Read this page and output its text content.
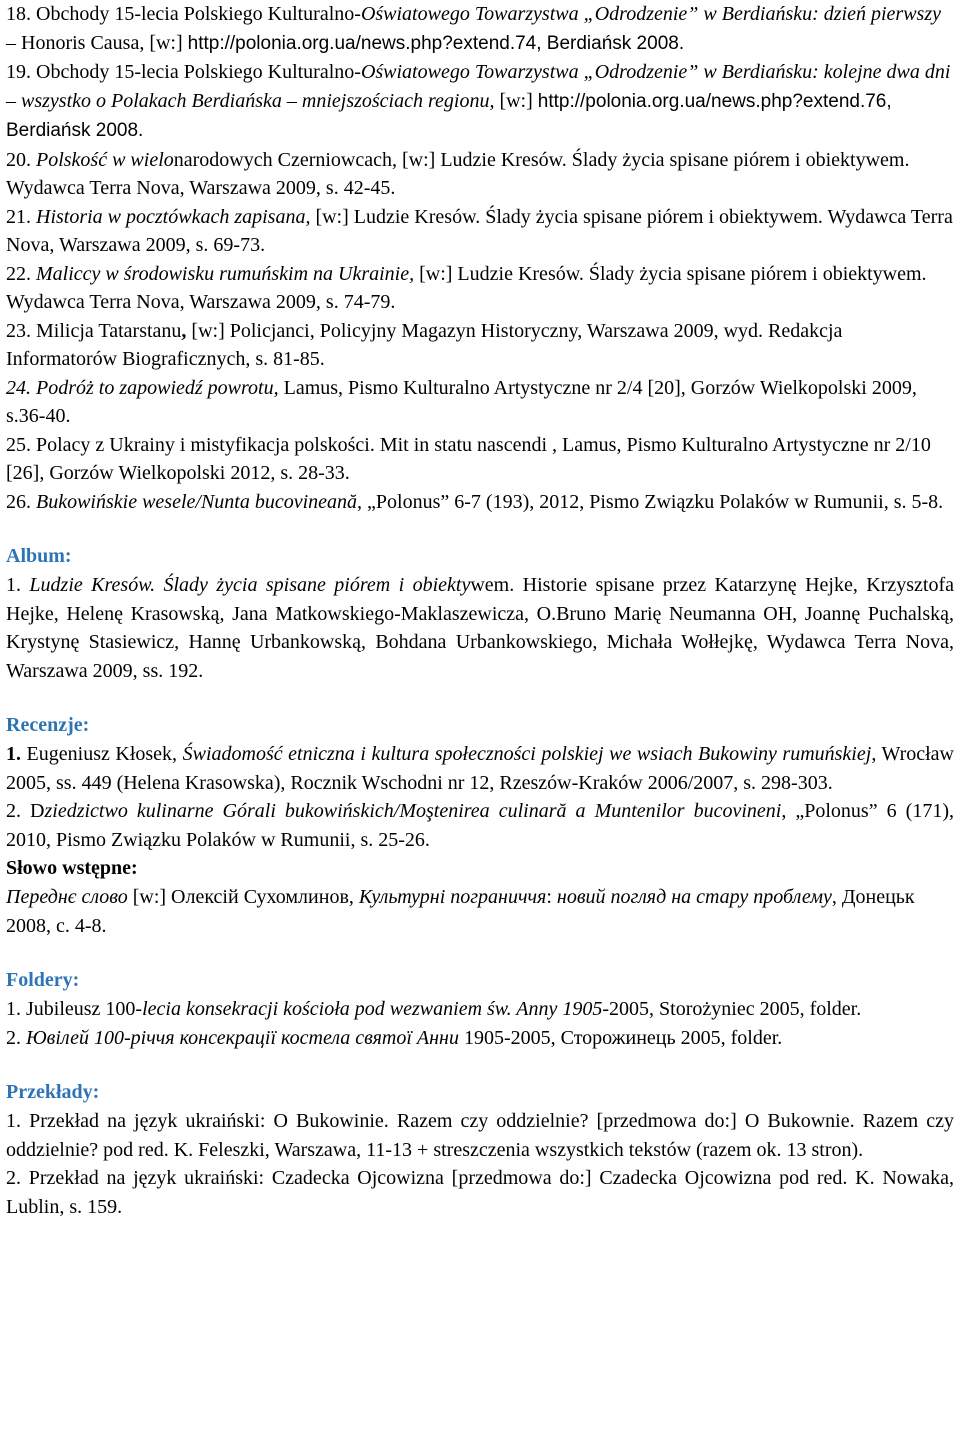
18. Obchody 15-lecia Polskiego Kulturalno-Oświatowego Towarzystwa „Odrodzenie” w Berdiańsku: dzień pierwszy – Honoris Causa, [w:] http://polonia.org.ua/news.php?extend.74, Berdiańsk 2008.

19. Obchody 15-lecia Polskiego Kulturalno-Oświatowego Towarzystwa „Odrodzenie” w Berdiańsku: kolejne dwa dni – wszystko o Polakach Berdiańska – mniejszościach regionu, [w:] http://polonia.org.ua/news.php?extend.76, Berdiańsk 2008.

20. Polskość w wielonarodowych Czerniowcach, [w:] Ludzie Kresów. Ślady życia spisane piórem i obiektywem. Wydawca Terra Nova, Warszawa 2009, s. 42-45.

21. Historia w pocztówkach zapisana, [w:] Ludzie Kresów. Ślady życia spisane piórem i obiektywem. Wydawca Terra Nova, Warszawa 2009, s. 69-73.

22. Maliccy w środowisku rumuńskim na Ukrainie, [w:] Ludzie Kresów. Ślady życia spisane piórem i obiektywem. Wydawca Terra Nova, Warszawa 2009, s. 74-79.

23. Milicja Tatarstanu, [w:] Policjanci, Policyjny Magazyn Historyczny, Warszawa 2009, wyd. Redakcja Informatorów Biograficznych, s. 81-85.

24. Podróż to zapowiedź powrotu, Lamus, Pismo Kulturalno Artystyczne nr 2/4 [20], Gorzów Wielkopolski 2009, s.36-40.

25. Polacy z Ukrainy i mistyfikacja polskości. Mit in statu nascendi , Lamus, Pismo Kulturalno Artystyczne nr 2/10 [26], Gorzów Wielkopolski 2012, s. 28-33.

26. Bukowińskie wesele/Nunta bucovineană, „Polonus” 6-7 (193), 2012, Pismo Związku Polaków w Rumunii, s. 5-8.

Album:

1. Ludzie Kresów. Ślady życia spisane piórem i obiektywem. Historie spisane przez Katarzynę Hejke, Krzysztofa Hejke, Helenę Krasowską, Jana Matkowskiego-Maklaszewicza, O.Bruno Marię Neumanna OH, Joannę Puchalską, Krystynę Stasiewicz, Hannę Urbankowską, Bohdana Urbankowskiego, Michała Wołłejkę, Wydawca Terra Nova, Warszawa 2009, ss. 192.

Recenzje:

1. Eugeniusz Kłosek, Świadomość etniczna i kultura społeczności polskiej we wsiach Bukowiny rumuńskiej, Wrocław 2005, ss. 449 (Helena Krasowska), Rocznik Wschodni nr 12, Rzeszów-Kraków 2006/2007, s. 298-303.

2. Dziedzictwo kulinarne Górali bukowińskich/Moştenirea culinară a Muntenilor bucovineni, „Polonus” 6 (171), 2010, Pismo Związku Polaków w Rumunii, s. 25-26.

Słowo wstępne:

Переднє слово [w:] Олексій Сухомлинов, Культурні пограниччя: новий погляд на стару проблему, Донецьк 2008, с. 4-8.

Foldery:

1. Jubileusz 100-lecia konsekracji kościoła pod wezwaniem św. Anny 1905-2005, Storożyniec 2005, folder.

2. Ювілей 100-річчя консекрації костела святої Анни 1905-2005, Сторожинець 2005, folder.

Przekłady:

1. Przekład na język ukraiński: O Bukowinie. Razem czy oddzielnie? [przedmowa do:] O Bukownie. Razem czy oddzielnie? pod red. K. Feleszki, Warszawa, 11-13 + streszczenia wszystkich tekstów (razem ok. 13 stron).

2. Przekład na język ukraiński: Czadecka Ojcowizna [przedmowa do:] Czadecka Ojcowizna pod red. K. Nowaka, Lublin, s. 159.
